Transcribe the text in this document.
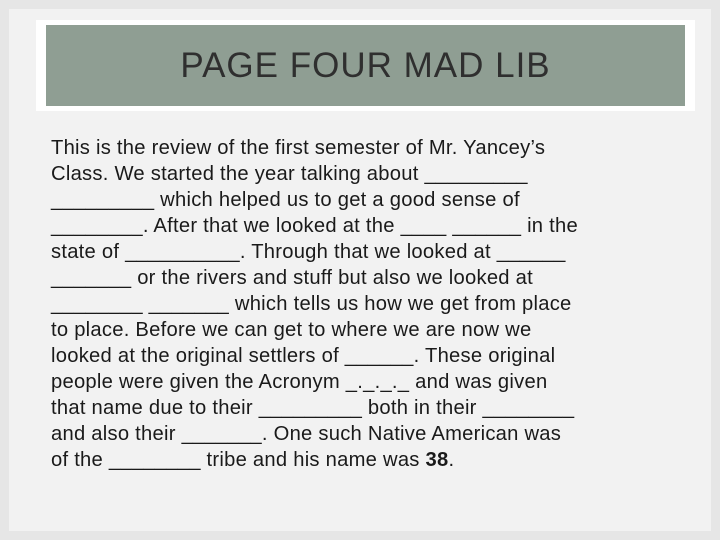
PAGE FOUR MAD LIB
This is the review of the first semester of Mr. Yancey’s
Class. We started the year talking about _________
_________ which helped us to get a good sense of
________. After that we looked at the ____ ______ in the
state of __________. Through that we looked at ______
_______ or the rivers and stuff but also we looked at
________ _______ which tells us how we get from place
to place. Before we can get to where we are now we
looked at the original settlers of ______. These original
people were given the Acronym _._._._ and was given
that name due to their _________ both in their ________
and also their _______. One such Native American was
of the ________ tribe and his name was 38.
